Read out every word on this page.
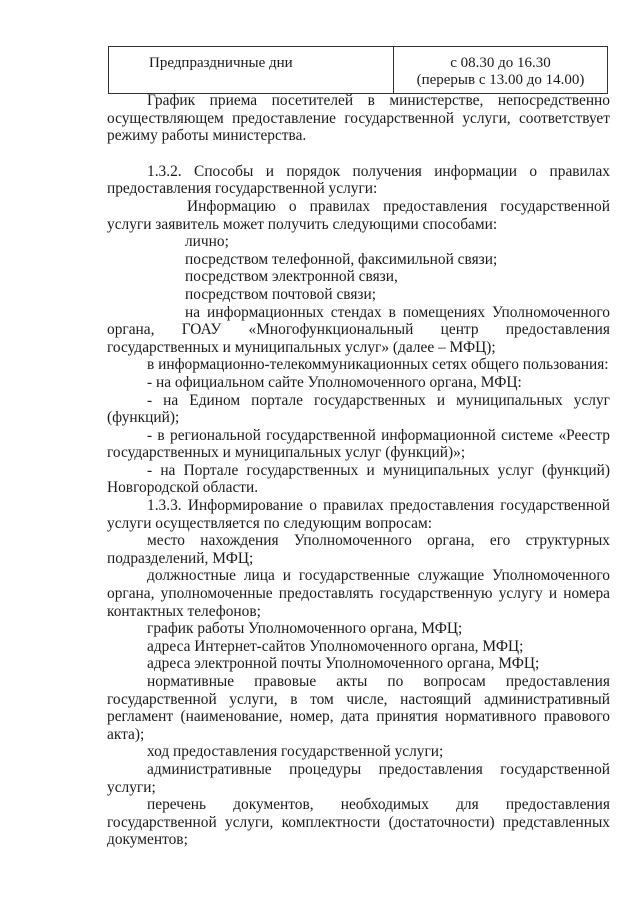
Предпраздничные дни	с 08.30 до 16.30
(перерыв с 13.00 до 14.00)

График приема посетителей в министерстве, непосредственно осуществляющем предоставление государственной услуги, соответствует режиму работы министерства.

1.3.2. Способы и порядок получения информации о правилах предоставления государственной услуги:

Информацию о правилах предоставления государственной услуги заявитель может получить следующими способами:

лично;

посредством телефонной, факсимильной связи;

посредством электронной связи,

посредством почтовой связи;

на информационных стендах в помещениях Уполномоченного органа, ГОАУ «Многофункциональный центр предоставления государственных и муниципальных услуг» (далее – МФЦ);

в информационно-телекоммуникационных сетях общего пользования:

- на официальном сайте Уполномоченного органа, МФЦ:

- на Едином портале государственных и муниципальных услуг (функций);

- в региональной государственной информационной системе «Реестр государственных и муниципальных услуг (функций)»;

- на Портале государственных и муниципальных услуг (функций) Новгородской области.

1.3.3. Информирование о правилах предоставления государственной услуги осуществляется по следующим вопросам:

место нахождения Уполномоченного органа, его структурных подразделений, МФЦ;

должностные лица и государственные служащие Уполномоченного органа, уполномоченные предоставлять государственную услугу и номера контактных телефонов;

график работы Уполномоченного органа, МФЦ;

адреса Интернет-сайтов Уполномоченного органа, МФЦ;

адреса электронной почты Уполномоченного органа, МФЦ;

нормативные правовые акты по вопросам предоставления государственной услуги, в том числе, настоящий административный регламент (наименование, номер, дата принятия нормативного правового акта);

ход предоставления государственной услуги;

административные процедуры предоставления государственной услуги;

перечень документов, необходимых для предоставления государственной услуги, комплектности (достаточности) представленных документов;
